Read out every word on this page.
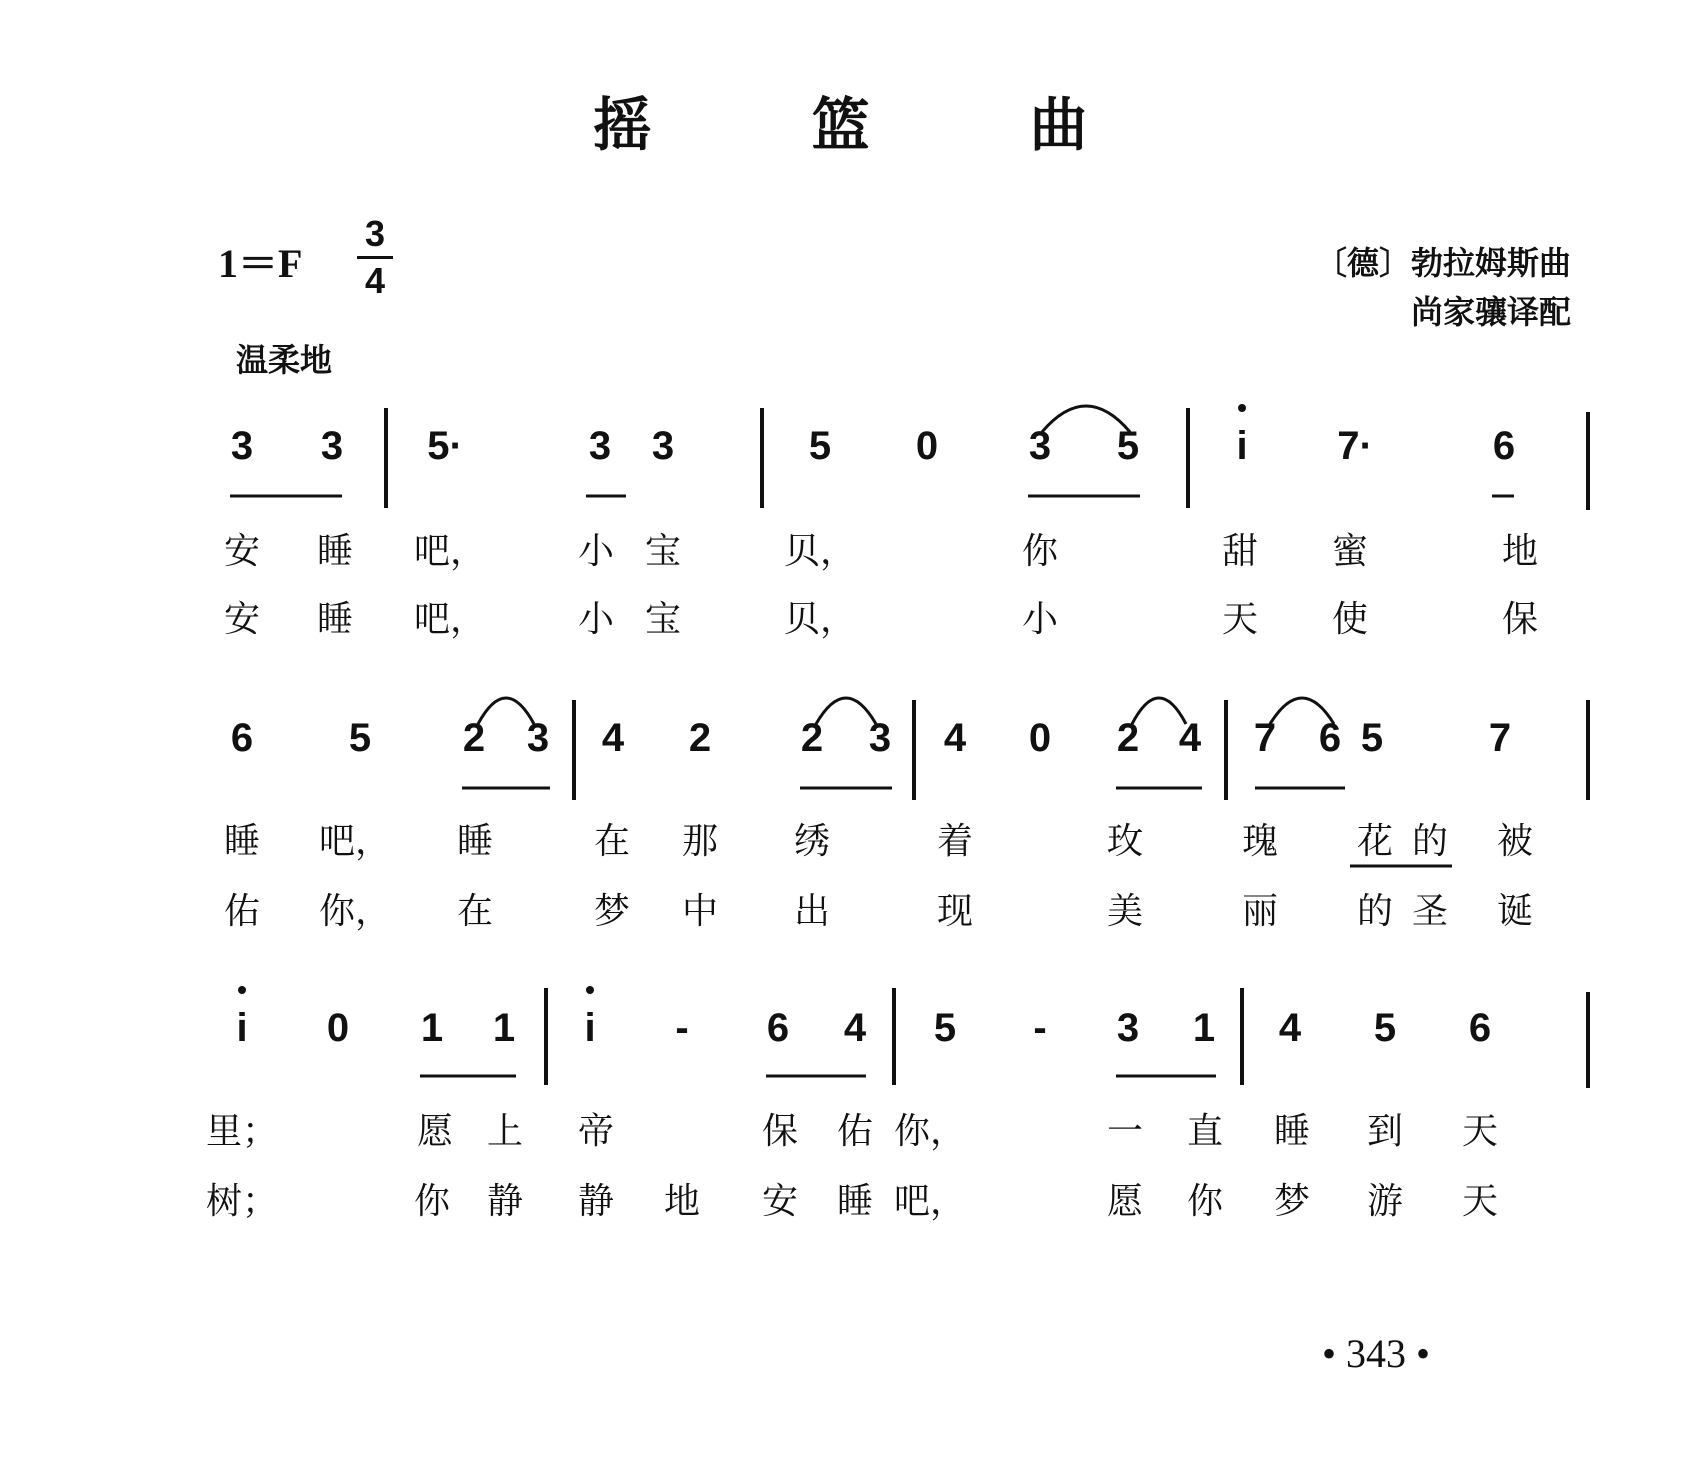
摇 篮 曲
1＝F
3
4
温柔地
〔德〕勃拉姆斯曲
尚家骧译配
• 343 •
3 3 5·	3 3	5 0 3 5 i 7·	6
安 睡 吧，	小 宝	贝，	你	甜 蜜	地
安 睡 吧，	小 宝	贝，	小	天 使	保
6 5 2 3 4 2 2 3 4 0 2 4 7 6 5	7
睡 吧， 睡	在 那 绣	着	玫	瑰 花 的 被
佑 你， 在	梦 中 出	现	美	丽 的 圣 诞
i 0 1 1 i - 6 4 5 - 3 1 4 5 6
里；	愿 上 帝	保 佑 你，	一 直 睡 到 天
树；	你 静 静 地 安 睡 吧，	愿 你 梦 游 天
